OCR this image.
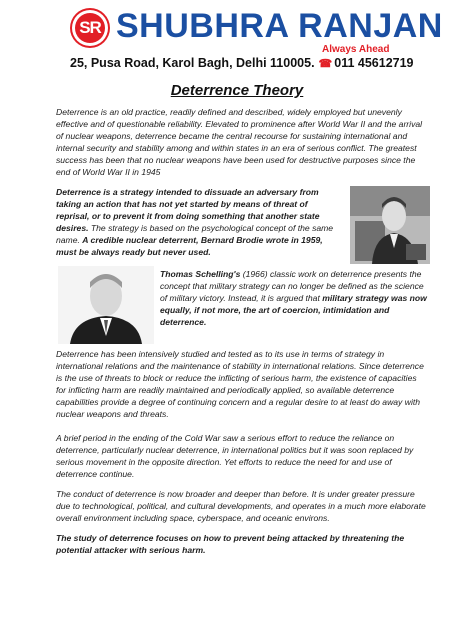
SR SHUBHRA RANJAN
Always Ahead
25, Pusa Road, Karol Bagh, Delhi 110005. ☎ 011 45612719
Deterrence Theory

Deterrence is an old practice, readily defined and described, widely employed but unevenly effective and of questionable reliability. Elevated to prominence after World War II and the arrival of nuclear weapons, deterrence became the central recourse for sustaining international and internal security and stability among and within states in an era of serious conflict. The greatest success has been that no nuclear weapons have been used for destructive purposes since the end of World War II in 1945

Deterrence is a strategy intended to dissuade an adversary from taking an action that has not yet started by means of threat of reprisal, or to prevent it from doing something that another state desires. The strategy is based on the psychological concept of the same name. A credible nuclear deterrent, Bernard Brodie wrote in 1959, must be always ready but never used.

Thomas Schelling's (1966) classic work on deterrence presents the concept that military strategy can no longer be defined as the science of military victory. Instead, it is argued that military strategy was now equally, if not more, the art of coercion, intimidation and deterrence.

Deterrence has been intensively studied and tested as to its use in terms of strategy in international relations and the maintenance of stability in international relations. Since deterrence is the use of threats to block or reduce the inflicting of serious harm, the existence of capacities for inflicting harm are readily maintained and periodically applied, so available deterrence capabilities provide a degree of continuing concern and a regular desire to at least do away with nuclear weapons and threats.

A brief period in the ending of the Cold War saw a serious effort to reduce the reliance on deterrence, particularly nuclear deterrence, in international politics but it was soon replaced by serious movement in the opposite direction. Yet efforts to reduce the need for and use of deterrence continue.

The conduct of deterrence is now broader and deeper than before. It is under greater pressure due to technological, political, and cultural developments, and operates in a much more elaborate overall environment including space, cyberspace, and oceanic environs.

The study of deterrence focuses on how to prevent being attacked by threatening the potential attacker with serious harm.
